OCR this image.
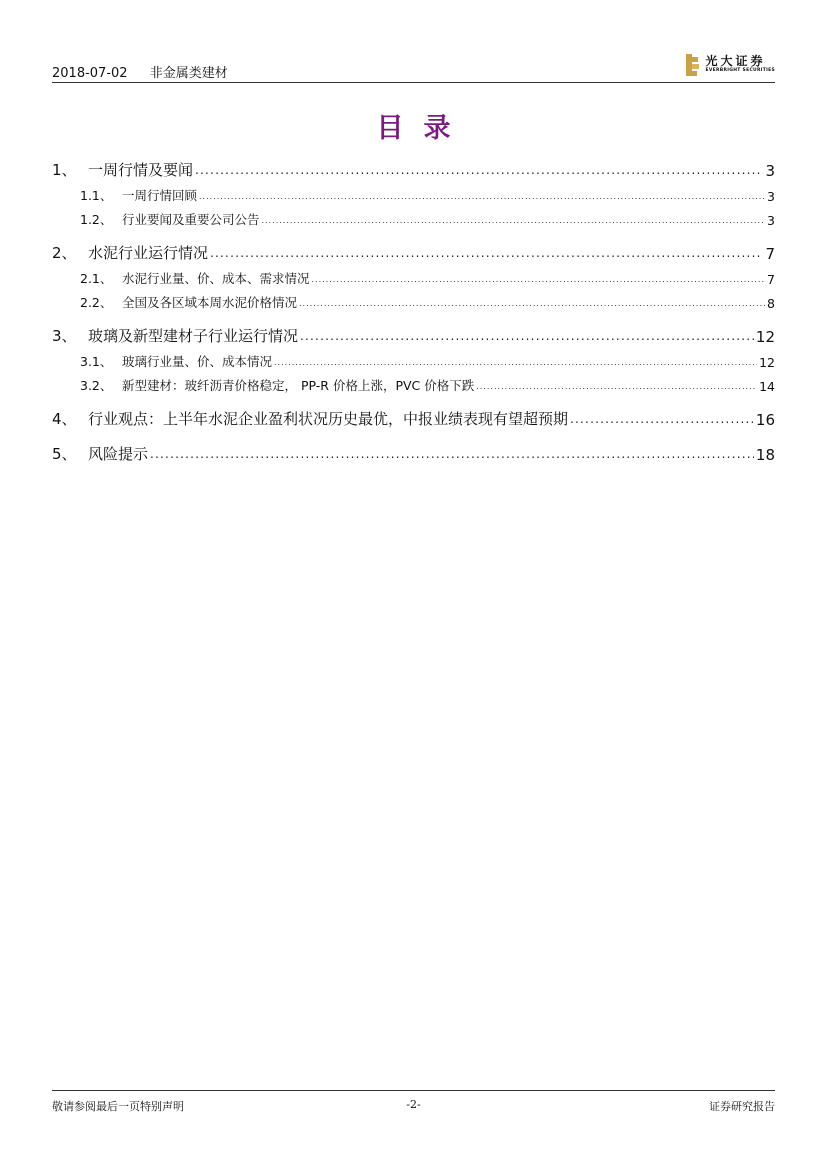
2018-07-02 非金属类建材
光大证券
EVERBRIGHT SECURITIES
目录
1、 一周行情及要闻 .....	3
1.1、 一周行情回顾 .....	3
1.2、 行业要闻及重要公司公告 .....	3
2、 水泥行业运行情况 .....	7
2.1、 水泥行业量、价、成本、需求情况 .....	7
2.2、 全国及各区域本周水泥价格情况 .....	8
3、 玻璃及新型建材子行业运行情况 .....	12
3.1、 玻璃行业量、价、成本情况 .....	12
3.2、 新型建材：玻纤沥青价格稳定， PP-R 价格上涨，PVC 价格下跌 .....	14
4、 行业观点：上半年水泥企业盈利状况历史最优，中报业绩表现有望超预期 .....	16
5、 风险提示 .....	18
敬请参阅最后一页特别声明	-2-	证券研究报告
